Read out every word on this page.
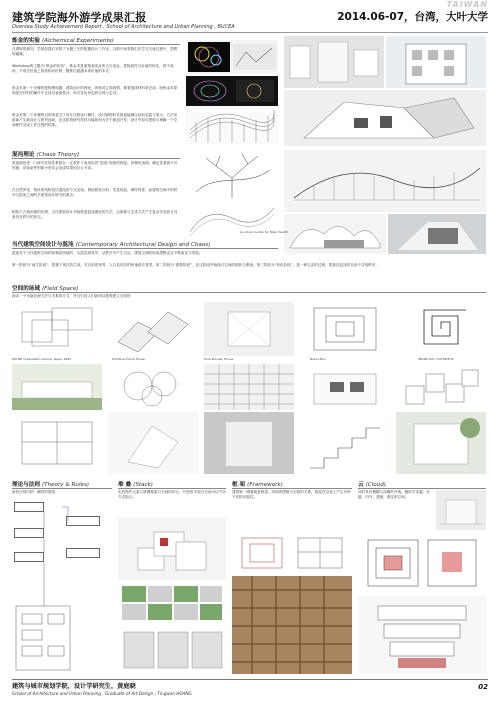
建筑学院海外游学成果汇报
Oversea Study Achievement Report , School of Architecture and Urban Planning , BUCEA
TAIWAN
2014.06-07，台湾，大叶大学
炼金的实验 (Alchemical Experiments)
在课程的最初，学校经我们安排了为期三天的短期设计工作室，以即兴演奏我们在学习交流过程中，思想的碰撞。
Workshop的主题为“炼金的实验”，炼金术是靠物质成金的古石成金，是物质性与价值的转化，将不成形，不成关价值之物质转向价格，锻炼出超越本体价值的本式。
炼金术第一个步骤的是物理间题，建筑设计的理论，风格或立面表情，都要选择材料来完成，而炼金术即则是在材料的操作中去找寻表面是动，再引导出形态的空间与尝试。
炼金术第二个步骤的目的则是关于设计过程设计操作，设计师物料在探索能够以向前实践与展示，方法来重新产生新设计与思考创新，在这阶段研究材料可能如何为关于新创开发，设计中如可建构与理解一个空间使作完成工作过程的结果。
混沌理论 (Chaos Theory)
混沌理论是一门研究非线性系统在一定条件下表现出的“混沌”现象的理论。该理论表明，确定性系统不可预测，初始条件的微小差异会造成结果的巨大不同。
在自然界里，物体的结构是以混沌的方式呈现。例如树枝分形、雪花结晶、海岸线等。而建筑空间中的秩序与混沌之间的关系是设计研究的重点。
相较于古典和谐的比例，当代建筑设计开始借鉴混沌理论的方法，以演算与生成方式产生复杂多变而又具备内在秩序的形态。
Lou Ruvo Center for Brain Health
当代建筑空间设计与混沌 (Contemporary Architectural Design and Chaos)
混沌对于当代建筑空间的影响是持续的，从混乱到有序，从秩序中产生自由，建筑空间的构成逻辑也在不断改变与发展。
第一阶段为“诞生阶段”，着重于现在的生成，对目前的世界、人口及经济的快速成长背景。第二阶段为“建构阶段”，在这阶段开始探讨空间的组织与系统。第三阶段为“转化阶段”，是一种自由的过程，着重在混沌的自由中寻找秩序。
空间的场域 (Field Space)
探求一个全新处理方法与关系的方式，并且引导人们如何以感观建立空间的
HOUSE T.(Kanazaki, Gunma, Japan, 2005	Primitive Future House	Final Wooden House	Box-In-Box	INSIDE OUT, OUTSIDE IN
理论与法则 (Theory & Rules)
新的法则归纳：偶然的建筑
堆 叠 (Stack)
实验物件元素与堆叠要素与空间的结合，开放的平面与空间可以不同方式组合。
框 架 (Framework)
建筑第一纲要就是框架，结构的逻辑与空间的关系，框架在空间上产生多种不同的可能性。
云 (Cloud)
同时具有模糊与清晰的外观，随时可穿越，穿越，内外，漂流，漂浮的空间。
建筑与城市规划学院，设计学研究生，黄庭晓
School of Architecture and Urban Planning , Graduate of Art Design , Tingwan HUANG
02
